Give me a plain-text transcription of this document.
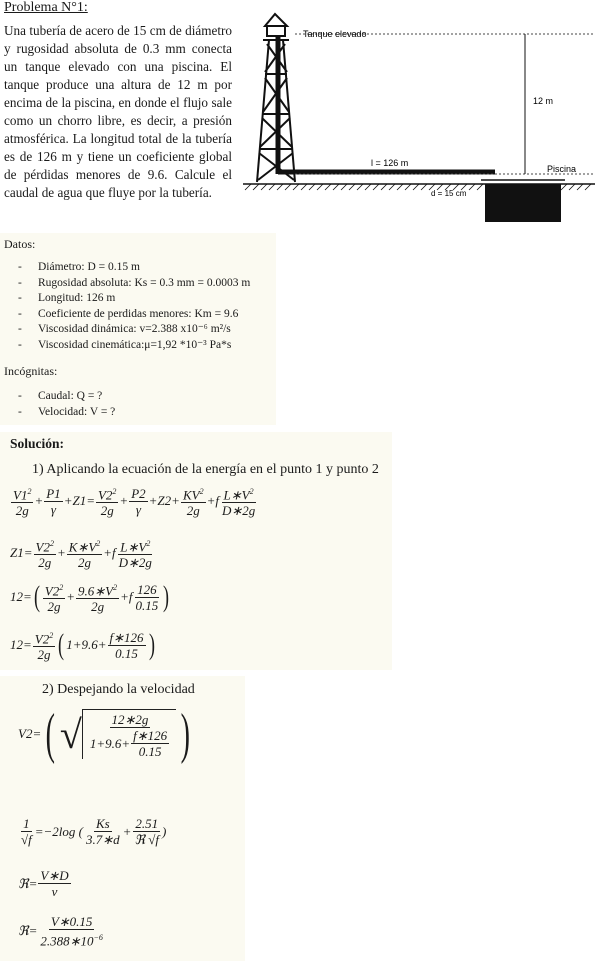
Problema N°1:
Una tubería de acero de 15 cm de diámetro y rugosidad absoluta de 0.3 mm conecta un tanque elevado con una piscina. El tanque produce una altura de 12 m por encima de la piscina, en donde el flujo sale como un chorro libre, es decir, a presión atmosférica. La longitud total de la tubería es de 126 m y tiene un coeficiente global de pérdidas menores de 9.6. Calcule el caudal de agua que fluye por la tubería.
Tanque elevado
12 m
l = 126 m
Piscina
d = 15 cm
Datos:
- Diámetro: D = 0.15 m
- Rugosidad absoluta: Ks = 0.3 mm = 0.0003 m
- Longitud: 126 m
- Coeficiente de perdidas menores: Km = 9.6
- Viscosidad dinámica: v=2.388 x10⁻⁶ m²/s
- Viscosidad cinemática:μ=1,92 *10⁻³ Pa*s
Incógnitas:
- Caudal: Q = ?
- Velocidad: V = ?
Solución:
1) Aplicando la ecuación de la energía en el punto 1 y punto 2
$\frac{V1^2}{2g} + \frac{P1}{\gamma} +Z1= \frac{V2^2}{2g} + \frac{P2}{\gamma} +Z2+ \frac{KV^2}{2g} +f \frac{L∗V^2}{D∗2g}$
$Z1= \frac{V2^2}{2g} + \frac{K∗V^2}{2g} +f \frac{L∗V^2}{D∗2g}$
12= ( $\frac{V2^2}{2g} + \frac{9.6∗V^2}{2g} +f \frac{126}{0.15}$ )
$12= \frac{V2^2}{2g}$ ( $1+9.6+ \frac{f∗126}{0.15}$ )
2) Despejando la velocidad
V2= ( √ $\frac{12∗2g}{1+9.6+ \frac{f∗126}{0.15}}$ )
$\frac{1}{√f} =-2\log$ ( $\frac{Ks}{3.7∗d} + \frac{2.51}{\text{ℜ √f}}$ )
ℜ= $\frac{V∗D}{v}$
ℜ= $\frac{V∗0.15}{2.388∗10^{-6}}$
